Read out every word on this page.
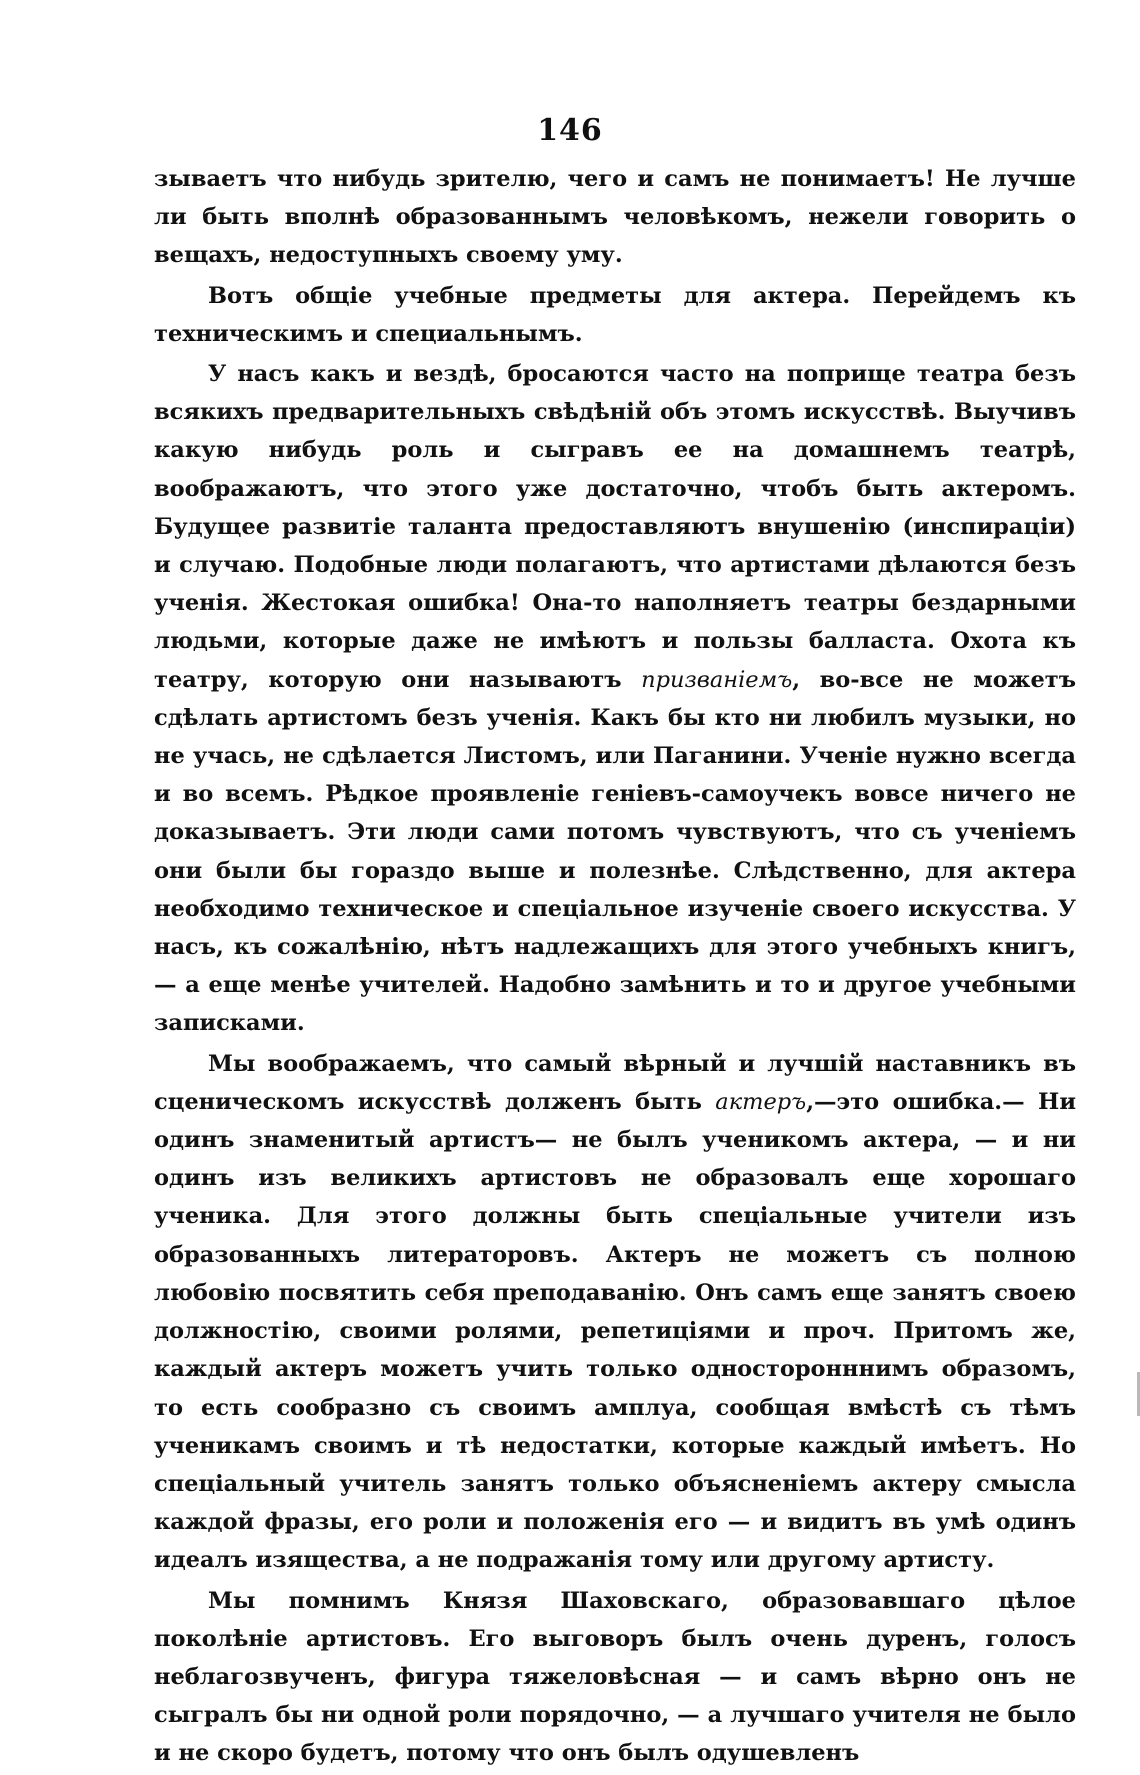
146

зываетъ что нибудь зрителю, чего и самъ не понимаетъ! Не лучше ли быть вполнѣ образованнымъ человѣкомъ, нежели говорить о вещахъ, недоступныхъ своему уму.

Вотъ общіе учебные предметы для актера. Перейдемъ къ техническимъ и специальнымъ.

У насъ какъ и вездѣ, бросаются часто на поприще театра безъ всякихъ предварительныхъ свѣдѣній объ этомъ искусствѣ. Выучивъ какую нибудь роль и сыгравъ ее на домашнемъ театрѣ, воображаютъ, что этого уже достаточно, чтобъ быть актеромъ. Будущее развитіе таланта предоставляютъ внушенію (инспираціи) и случаю. Подобные люди полагаютъ, что артистами дѣлаются безъ ученія. Жестокая ошибка! Она-то наполняетъ театры бездарными людьми, которые даже не имѣютъ и пользы балласта. Охота къ театру, которую они называютъ призваніемъ, во-все не можетъ сдѣлать артистомъ безъ ученія. Какъ бы кто ни любилъ музыки, но не учась, не сдѣлается Листомъ, или Паганини. Ученіе нужно всегда и во всемъ. Рѣдкое проявленіе геніевъ-самоучекъ вовсе ничего не доказываетъ. Эти люди сами потомъ чувствуютъ, что съ ученіемъ они были бы гораздо выше и полезнѣе. Слѣдственно, для актера необходимо техническое и спеціальное изученіе своего искусства. У насъ, къ сожалѣнію, нѣтъ надлежащихъ для этого учебныхъ книгъ, — а еще менѣе учителей. Надобно замѣнить и то и другое учебными записками.

Мы воображаемъ, что самый вѣрный и лучшій наставникъ въ сценическомъ искусствѣ долженъ быть актеръ,—это ошибка.— Ни одинъ знаменитый артистъ— не былъ ученикомъ актера, — и ни одинъ изъ великихъ артистовъ не образовалъ еще хорошаго ученика. Для этого должны быть спеціальные учители изъ образованныхъ литераторовъ. Актеръ не можетъ съ полною любовію посвятить себя преподаванію. Онъ самъ еще занятъ своею должностію, своими ролями, репетиціями и проч. Притомъ же, каждый актеръ можетъ учить только односторонннимъ образомъ, то есть сообразно съ своимъ амплуа, сообщая вмѣстѣ съ тѣмъ ученикамъ своимъ и тѣ недостатки, которые каждый имѣетъ. Но спеціальный учитель занятъ только объясненіемъ актеру смысла каждой фразы, его роли и положенія его — и видитъ въ умѣ одинъ идеалъ изящества, а не подражанія тому или другому артисту.

Мы помнимъ Князя Шаховскаго, образовавшаго цѣлое поколѣніе артистовъ. Его выговоръ былъ очень дуренъ, голосъ неблагозвученъ, фигура тяжеловѣсная — и самъ вѣрно онъ не сыгралъ бы ни одной роли порядочно, — а лучшаго учителя не было и не скоро будетъ, потому что онъ былъ одушевленъ
